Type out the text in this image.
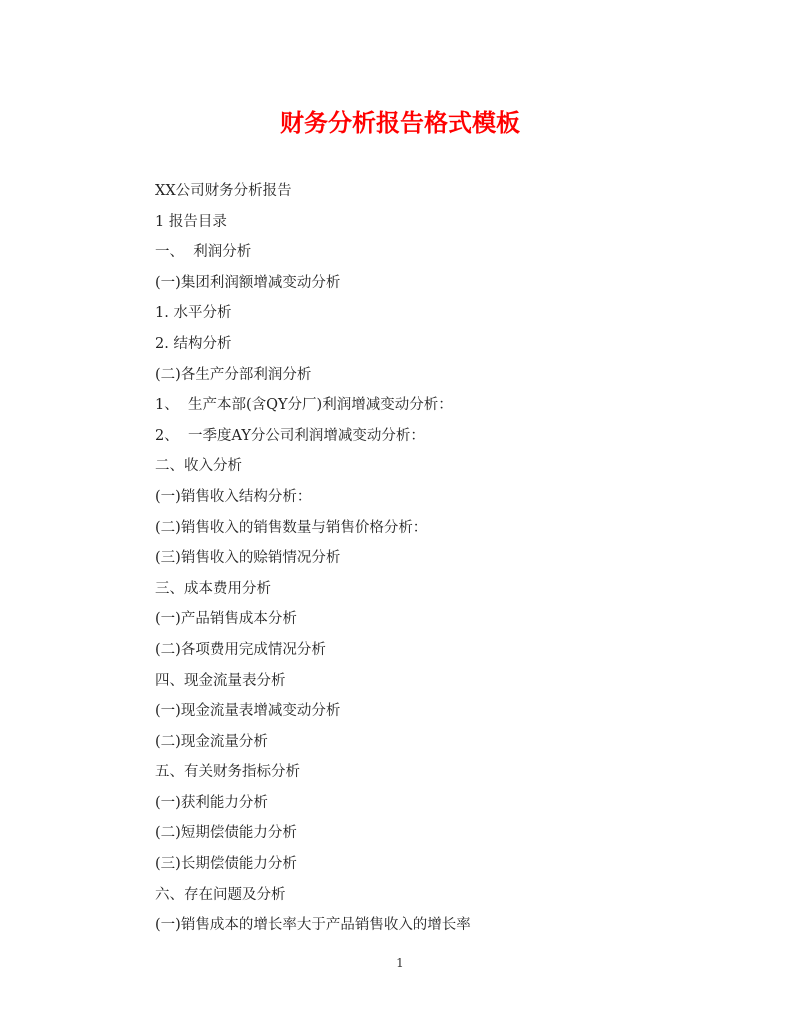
财务分析报告格式模板
XX公司财务分析报告
1 报告目录
一、  利润分析
(一)集团利润额增减变动分析
1. 水平分析
2. 结构分析
(二)各生产分部利润分析
1、  生产本部(含QY分厂)利润增减变动分析：
2、  一季度AY分公司利润增减变动分析：
二、收入分析
(一)销售收入结构分析：
(二)销售收入的销售数量与销售价格分析：
(三)销售收入的赊销情况分析
三、成本费用分析
(一)产品销售成本分析
(二)各项费用完成情况分析
四、现金流量表分析
(一)现金流量表增减变动分析
(二)现金流量分析
五、有关财务指标分析
(一)获利能力分析
(二)短期偿债能力分析
(三)长期偿债能力分析
六、存在问题及分析
(一)销售成本的增长率大于产品销售收入的增长率
1
